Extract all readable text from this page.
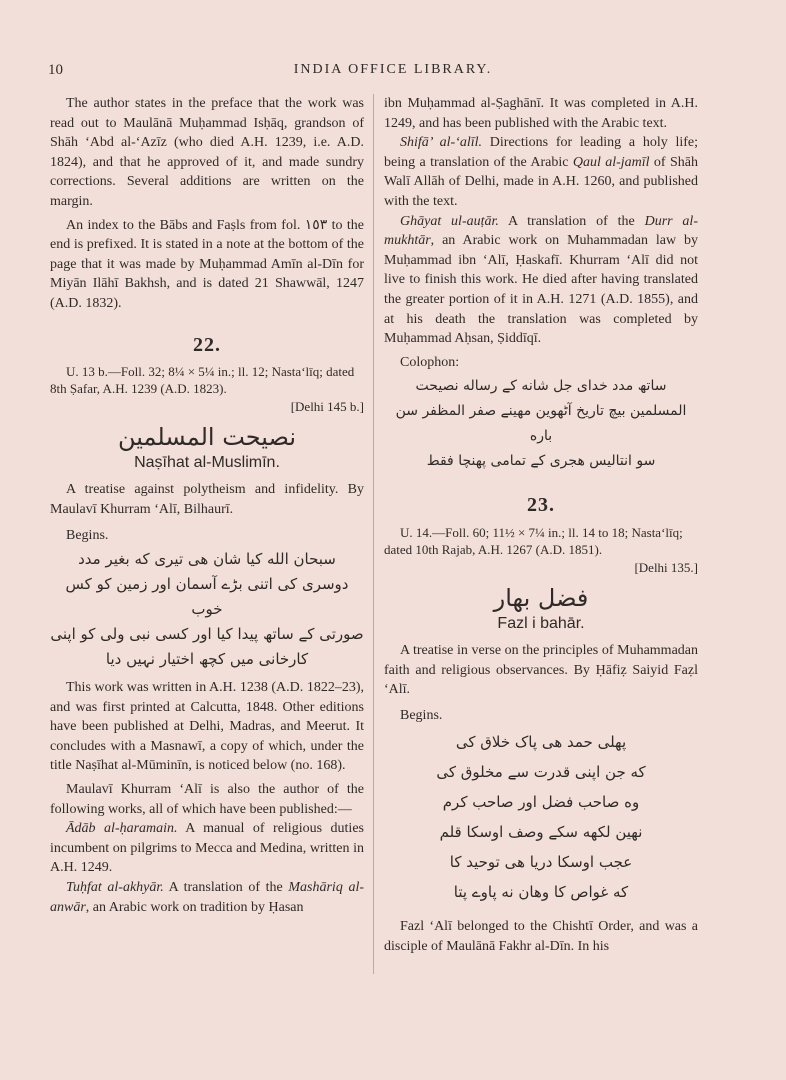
10	INDIA OFFICE LIBRARY.

The author states in the preface that the work was read out to Maulānā Muḥammad Isḥāq, grandson of Shāh ‘Abd al-‘Azīz (who died A.H. 1239, i.e. A.D. 1824), and that he approved of it, and made sundry corrections. Several additions are written on the margin.

An index to the Bābs and Faṣls from fol. ١٥٣ to the end is prefixed. It is stated in a note at the bottom of the page that it was made by Muḥammad Amīn al-Dīn for Miyān Ilāhī Bakhsh, and is dated 21 Shawwāl, 1247 (A.D. 1832).

22.

U. 13 b.—Foll. 32; 8¼ × 5¼ in.; ll. 12; Nasta‘līq; dated 8th Ṣafar, A.H. 1239 (A.D. 1823).

[Delhi 145 b.]

نصیحت المسلمین

Naṣīhat al-Muslimīn.

A treatise against polytheism and infidelity. By Maulavī Khurram ‘Alī, Bilhaurī.

Begins.

سبحان الله کیا شان هی تیری که بغیر مدد
دوسری کی اتنی بڑے آسمان اور زمین کو کس خوب
صورتی کے ساتھ پیدا کیا اور کسی نبی ولی کو اپنی
کارخانی میں کچھ اختیار نہیں دیا

This work was written in A.H. 1238 (A.D. 1822–23), and was first printed at Calcutta, 1848. Other editions have been published at Delhi, Madras, and Meerut. It concludes with a Masnawī, a copy of which, under the title Naṣīhat al-Mūminīn, is noticed below (no. 168).

Maulavī Khurram ‘Alī is also the author of the following works, all of which have been published:—

Ādāb al-ḥaramain. A manual of religious duties incumbent on pilgrims to Mecca and Medina, written in A.H. 1249.

Tuḥfat al-akhyār. A translation of the Mashāriq al-anwār, an Arabic work on tradition by Ḥasan

ibn Muḥammad al-Ṣaghānī. It was completed in A.H. 1249, and has been published with the Arabic text.

Shifā’ al-‘alīl. Directions for leading a holy life; being a translation of the Arabic Qaul al-jamīl of Shāh Walī Allāh of Delhi, made in A.H. 1260, and published with the text.

Ghāyat ul-auṭār. A translation of the Durr al-mukhtār, an Arabic work on Muhammadan law by Muḥammad ibn ‘Alī, Ḥaskafī. Khurram ‘Alī did not live to finish this work. He died after having translated the greater portion of it in A.H. 1271 (A.D. 1855), and at his death the translation was completed by Muḥammad Aḥsan, Ṣiddīqī.

Colophon:

ساتھ مدد خدای جل شانه کے رساله نصیحت
المسلمین بیچ تاریخ آٹھوین مهینے صفر المظفر سن باره
سو انتالیس هجری کے تمامی پهنچا فقط

23.

U. 14.—Foll. 60; 11½ × 7¼ in.; ll. 14 to 18; Nasta‘līq; dated 10th Rajab, A.H. 1267 (A.D. 1851).

[Delhi 135.]

فضل بهار

Fazl i bahār.

A treatise in verse on the principles of Muhammadan faith and religious observances. By Ḥāfiẓ Saiyid Faẓl ‘Alī.

Begins.

پهلی حمد هی پاک خلاق کی
که جن اپنی قدرت سے مخلوق کی
وه صاحب فضل اور صاحب کرم
نهین لکهه سکے وصف اوسکا قلم
عجب اوسکا دریا هی توحید کا
که غواص کا وهان نه پاوے پتا

Fazl ‘Alī belonged to the Chishtī Order, and was a disciple of Maulānā Fakhr al-Dīn. In his
